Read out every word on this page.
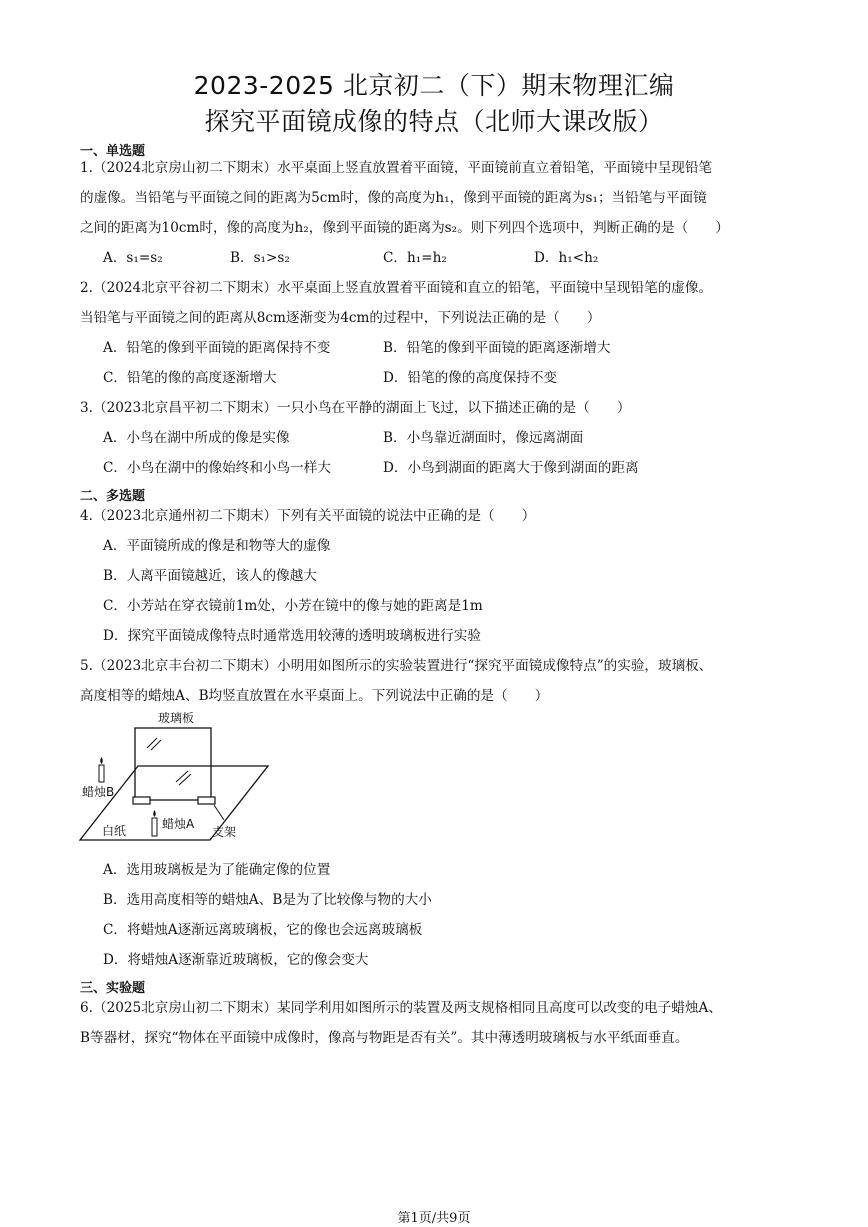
2023-2025 北京初二（下）期末物理汇编
探究平面镜成像的特点（北师大课改版）
一、单选题
1.（2024北京房山初二下期末）水平桌面上竖直放置着平面镜，平面镜前直立着铅笔，平面镜中呈现铅笔
的虚像。当铅笔与平面镜之间的距离为5cm时，像的高度为h₁，像到平面镜的距离为s₁；当铅笔与平面镜
之间的距离为10cm时，像的高度为h₂，像到平面镜的距离为s₂。则下列四个选项中，判断正确的是（　　）
A．s₁=s₂	B．s₁>s₂	C．h₁=h₂	D．h₁<h₂
2.（2024北京平谷初二下期末）水平桌面上竖直放置着平面镜和直立的铅笔，平面镜中呈现铅笔的虚像。
当铅笔与平面镜之间的距离从8cm逐渐变为4cm的过程中，下列说法正确的是（　　）
A．铅笔的像到平面镜的距离保持不变	B．铅笔的像到平面镜的距离逐渐增大
C．铅笔的像的高度逐渐增大	D．铅笔的像的高度保持不变
3.（2023北京昌平初二下期末）一只小鸟在平静的湖面上飞过，以下描述正确的是（　　）
A．小鸟在湖中所成的像是实像	B．小鸟靠近湖面时，像远离湖面
C．小鸟在湖中的像始终和小鸟一样大	D．小鸟到湖面的距离大于像到湖面的距离
二、多选题
4.（2023北京通州初二下期末）下列有关平面镜的说法中正确的是（　　）
A．平面镜所成的像是和物等大的虚像
B．人离平面镜越近，该人的像越大
C．小芳站在穿衣镜前1m处，小芳在镜中的像与她的距离是1m
D．探究平面镜成像特点时通常选用较薄的透明玻璃板进行实验
5.（2023北京丰台初二下期末）小明用如图所示的实验装置进行“探究平面镜成像特点”的实验，玻璃板、
高度相等的蜡烛A、B均竖直放置在水平桌面上。下列说法中正确的是（　　）
玻璃板
蜡烛B
蜡烛A
白纸	支架
A．选用玻璃板是为了能确定像的位置
B．选用高度相等的蜡烛A、B是为了比较像与物的大小
C．将蜡烛A逐渐远离玻璃板，它的像也会远离玻璃板
D．将蜡烛A逐渐靠近玻璃板，它的像会变大
三、实验题
6.（2025北京房山初二下期末）某同学利用如图所示的装置及两支规格相同且高度可以改变的电子蜡烛A、
B等器材，探究“物体在平面镜中成像时，像高与物距是否有关”。其中薄透明玻璃板与水平纸面垂直。
第1页/共9页
